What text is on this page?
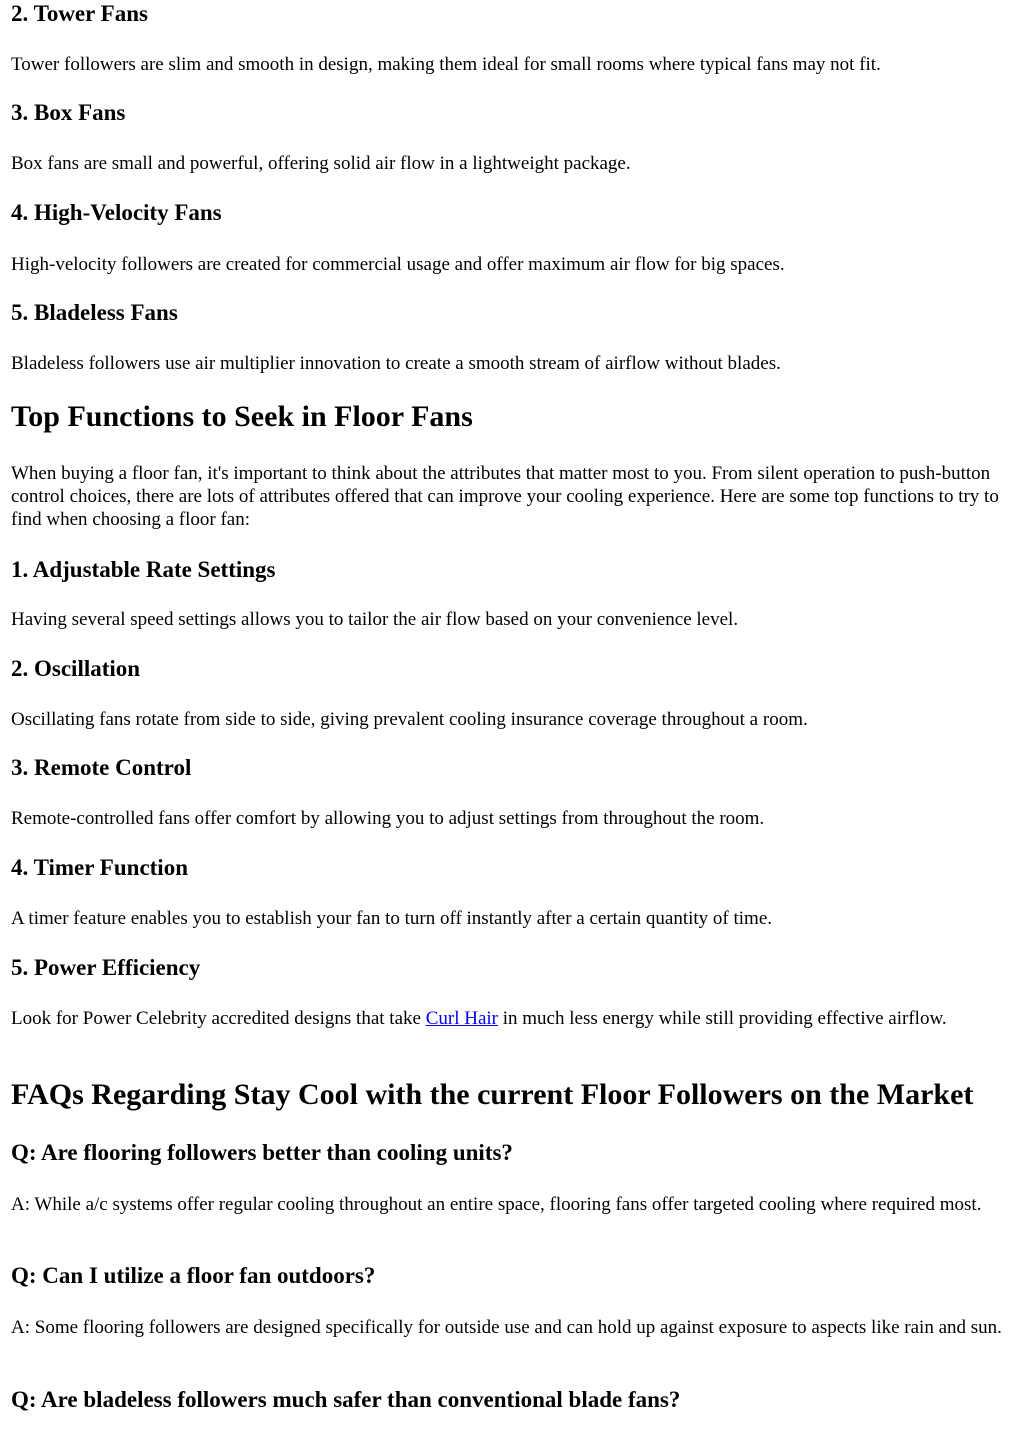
2. Tower Fans

Tower followers are slim and smooth in design, making them ideal for small rooms where typical fans may not fit.

3. Box Fans

Box fans are small and powerful, offering solid air flow in a lightweight package.

4. High-Velocity Fans

High-velocity followers are created for commercial usage and offer maximum air flow for big spaces.

5. Bladeless Fans

Bladeless followers use air multiplier innovation to create a smooth stream of airflow without blades.

Top Functions to Seek in Floor Fans

When buying a floor fan, it's important to think about the attributes that matter most to you. From silent operation to push-button control choices, there are lots of attributes offered that can improve your cooling experience. Here are some top functions to try to find when choosing a floor fan:

1. Adjustable Rate Settings

Having several speed settings allows you to tailor the air flow based on your convenience level.

2. Oscillation

Oscillating fans rotate from side to side, giving prevalent cooling insurance coverage throughout a room.

3. Remote Control

Remote-controlled fans offer comfort by allowing you to adjust settings from throughout the room.

4. Timer Function

A timer feature enables you to establish your fan to turn off instantly after a certain quantity of time.

5. Power Efficiency

Look for Power Celebrity accredited designs that take Curl Hair in much less energy while still providing effective airflow.

FAQs Regarding Stay Cool with the current Floor Followers on the Market
Q: Are flooring followers better than cooling units?

A: While a/c systems offer regular cooling throughout an entire space, flooring fans offer targeted cooling where required most.

Q: Can I utilize a floor fan outdoors?

A: Some flooring followers are designed specifically for outside use and can hold up against exposure to aspects like rain and sun.

Q: Are bladeless followers much safer than conventional blade fans?
